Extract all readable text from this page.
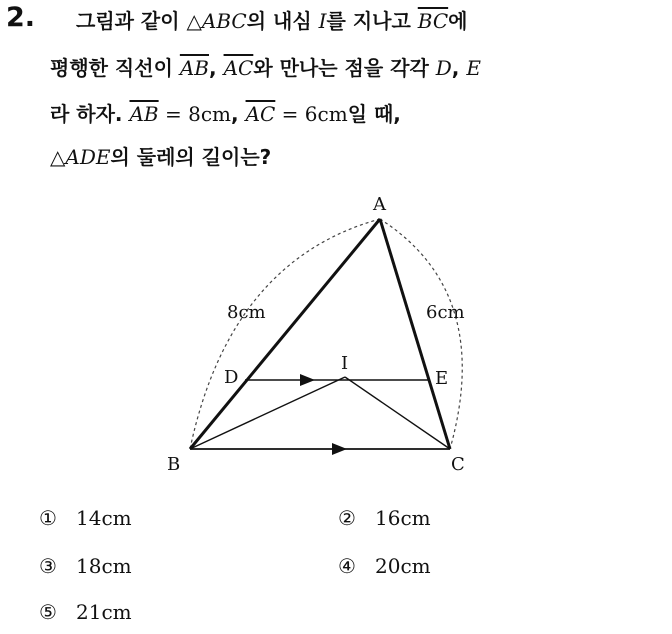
2. 그림과 같이 △ABC의 내심 I를 지나고 $\overline{BC}$에
평행한 직선이 $\overline{AB}$, $\overline{AC}$와 만나는 점을 각각 D, E
라 하자. $\overline{AB} = 8cm$, $\overline{AC} = 6cm$일 때,
△ADE의 둘레의 길이는?
A
B	C
D	E
I
8cm	6cm
① 14cm	② 16cm
③ 18cm	④ 20cm
⑤ 21cm
